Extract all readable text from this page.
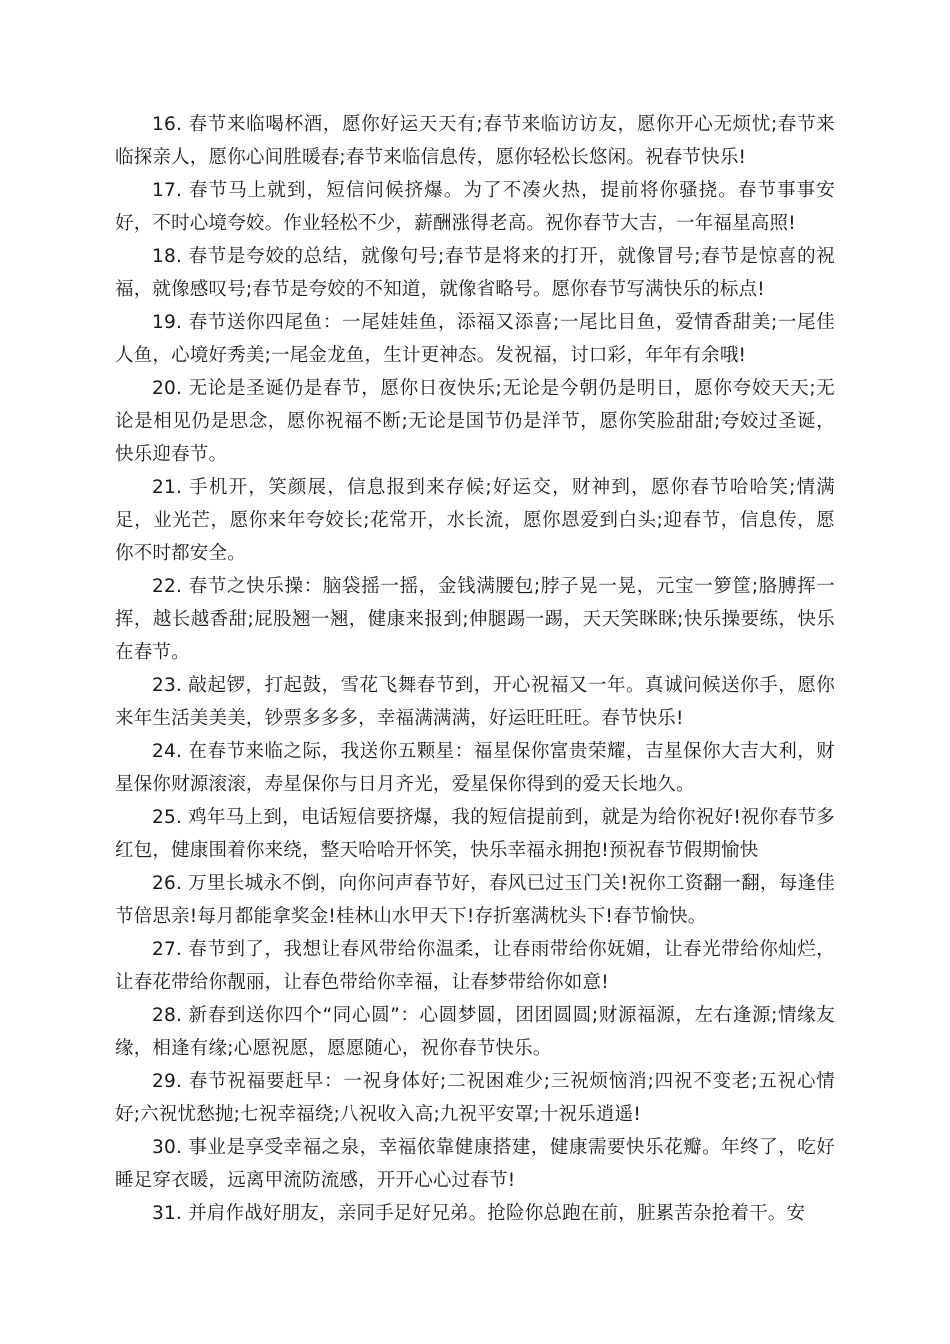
16. 春节来临喝杯酒，愿你好运天天有;春节来临访访友，愿你开心无烦忧;春节来临探亲人，愿你心间胜暖春;春节来临信息传，愿你轻松长悠闲。祝春节快乐!

17. 春节马上就到，短信问候挤爆。为了不凑火热，提前将你骚挠。春节事事安好，不时心境夸姣。作业轻松不少，薪酬涨得老高。祝你春节大吉，一年福星高照!

18. 春节是夸姣的总结，就像句号;春节是将来的打开，就像冒号;春节是惊喜的祝福，就像感叹号;春节是夸姣的不知道，就像省略号。愿你春节写满快乐的标点!

19. 春节送你四尾鱼：一尾娃娃鱼，添福又添喜;一尾比目鱼，爱情香甜美;一尾佳人鱼，心境好秀美;一尾金龙鱼，生计更神态。发祝福，讨口彩，年年有余哦!

20. 无论是圣诞仍是春节，愿你日夜快乐;无论是今朝仍是明日，愿你夸姣天天;无论是相见仍是思念，愿你祝福不断;无论是国节仍是洋节，愿你笑脸甜甜;夸姣过圣诞，快乐迎春节。

21. 手机开，笑颜展，信息报到来存候;好运交，财神到，愿你春节哈哈笑;情满足，业光芒，愿你来年夸姣长;花常开，水长流，愿你恩爱到白头;迎春节，信息传，愿你不时都安全。

22. 春节之快乐操：脑袋摇一摇，金钱满腰包;脖子晃一晃，元宝一箩筐;胳膊挥一挥，越长越香甜;屁股翘一翘，健康来报到;伸腿踢一踢，天天笑眯眯;快乐操要练，快乐在春节。

23. 敲起锣，打起鼓，雪花飞舞春节到，开心祝福又一年。真诚问候送你手，愿你来年生活美美美，钞票多多多，幸福满满满，好运旺旺旺。春节快乐!

24. 在春节来临之际，我送你五颗星：福星保你富贵荣耀，吉星保你大吉大利，财星保你财源滚滚，寿星保你与日月齐光，爱星保你得到的爱天长地久。

25. 鸡年马上到，电话短信要挤爆，我的短信提前到，就是为给你祝好!祝你春节多红包，健康围着你来绕，整天哈哈开怀笑，快乐幸福永拥抱!预祝春节假期愉快

26. 万里长城永不倒，向你问声春节好，春风已过玉门关!祝你工资翻一翻，每逢佳节倍思亲!每月都能拿奖金!桂林山水甲天下!存折塞满枕头下!春节愉快。

27. 春节到了，我想让春风带给你温柔，让春雨带给你妩媚，让春光带给你灿烂，让春花带给你靓丽，让春色带给你幸福，让春梦带给你如意!

28. 新春到送你四个“同心圆”：心圆梦圆，团团圆圆;财源福源，左右逢源;情缘友缘，相逢有缘;心愿祝愿，愿愿随心，祝你春节快乐。

29. 春节祝福要赶早：一祝身体好;二祝困难少;三祝烦恼消;四祝不变老;五祝心情好;六祝忧愁抛;七祝幸福绕;八祝收入高;九祝平安罩;十祝乐逍遥!

30. 事业是享受幸福之泉，幸福依靠健康搭建，健康需要快乐花瓣。年终了，吃好睡足穿衣暖，远离甲流防流感，开开心心过春节!

31. 并肩作战好朋友，亲同手足好兄弟。抢险你总跑在前，脏累苦杂抢着干。安
